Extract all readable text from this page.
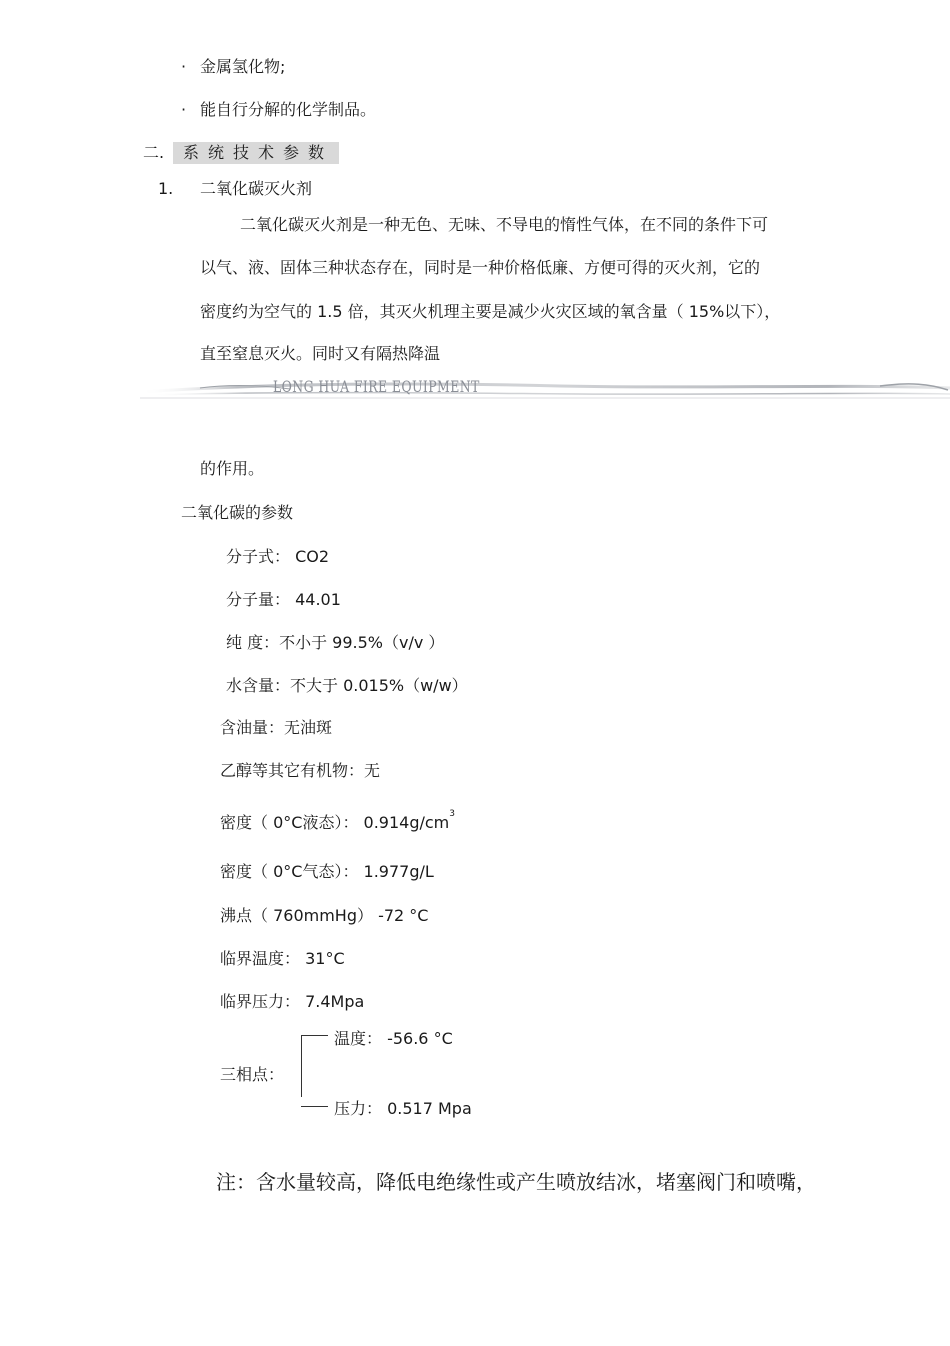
· 金属氢化物;
· 能自行分解的化学制品。
二.	系统技术参数
1. 二氧化碳灭火剂
二氧化碳灭火剂是一种无色、无味、不导电的惰性气体，在不同的条件下可
以气、液、固体三种状态存在，同时是一种价格低廉、方便可得的灭火剂，它的
密度约为空气的 1.5 倍，其灭火机理主要是减少火灾区域的氧含量（ 15%以下），
直至窒息灭火。同时又有隔热降温
LONG HUA FIRE EQUIPMENT
的作用。
二氧化碳的参数
分子式： CO2
分子量： 44.01
纯 度：不小于 99.5%（v/v ）
水含量：不大于 0.015%（w/w）
含油量：无油斑
乙醇等其它有机物：无
密度（ 0°C液态）： $0.914g/cm^3$
密度（ 0°C气态）： 1.977g/L
沸点（ 760mmHg） -72 °C
临界温度： 31°C
临界压力： 7.4Mpa
三相点：
温度： -56.6 °C
压力： 0.517 Mpa
注：含水量较高，降低电绝缘性或产生喷放结冰，堵塞阀门和喷嘴，
